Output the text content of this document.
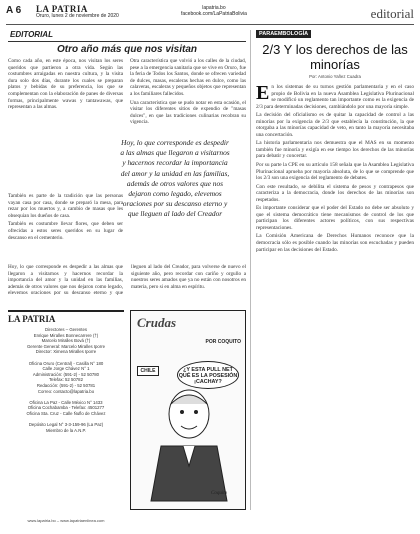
A 6 LA PATRIA
Oruro, lunes 2 de noviembre de 2020
lapatria.bo
facebook.com/LaPatriaBolivia	editorial
EDITORIAL
Otro año más que nos visitan

Como cada año, en este época, nos visitan los seres queridos que partieron a otra vida. Según las costumbres arraigadas en nuestra cultura, y la visita dura solo dos días, durante los cuales se preparan platos y bebidas de su preferencia, los que se complementan con la elaboración de panes de diversas formas, principalmente wawas y tantawawas, que representan a las almas.

Otra característica que volvió a los calles de la ciudad, pese a la emergencia sanitaria que se vive en Oruro, fue la feria de Todos los Santos, donde se ofrecen variedad de dulces, masas, escaleras hechas en dulce, como las calaveras, escaleras y pequeños objetos que representan a los familiares fallecidos.

Una característica que se pudo notar en esta ocasión, el visitar los diferentes sitios de expendio de "masas dulces", en que las tradiciones culinarias recobran su vigencia.

También es parte de la tradición que las personas vayan casa por casa, donde se preparó la mesa, para rezar por los muertos y, a cambio de masas que les obsequian los dueños de casa.

También es costumbre llevar flores, que deben ser ofrecidas a estos seres queridos en su lugar de descanso en el cementerio.

Hoy, lo que corresponde es despedir a las almas que llegaron a visitarnos y hacernos recordar la importancia del amor y la unidad en las familias, además de otros valores que nos dejaron como legado, elevemos oraciones por su descanso eterno y que lleguen al lado del Creador

Hoy, lo que corresponde es despedir a las almas que llegaron a visitarnos y hacernos recordar la importancia del amor y la unidad en las familias, además de otros valores que nos dejaron como legado, elevemos oraciones por su descanso eterno y que lleguen al lado del Creador, para volverse de nuevo el siguiente año, pero recordar con cariño y orgullo a nuestros seres amados que ya no están con nosotros en materia, pero si en alma en espíritu.

LA PATRIA
Directores – Gerentes
Enrique Miralles Bonnecarrere (†)
Marcelo Miralles Bová (†)
Gerente General: Marcelo Miralles Iporre
Director: Ximena Miralles Iporre

Oficina Oruro (Central) - Casilla N° 180
Calle Jorge Chávez N° 1
Administración: (591-2) - 52 50780
Telefax: 52 50782
Redacción: (591-2) - 52 50781
Correo: contacto@lapatria.bo

Oficina La Paz - Calle México N° 1433
Oficina Cochabamba - Telefax: 4501277
Oficina Sta. Cruz - Calle Ñuflo de Chávez

Depósito Legal N° 3-3-159-96 (La Paz)
Miembro de la A.N.P.
www.lapatria.bo – www.lapatriaenlinea.com
Crudas
POR COQUITO
CHILE	¿Y ESTA PULL NET QUÉ ES LA POSESIÓN ¡CACHAY?
Coquito
PARAEMBOLOGÍA
2/3 Y los derechos de las minorías
Por: Antonio Yañez Cuadra

En los sistemas de su turnos gestión parlamentaria y en el caso propio de Bolivia en la nueva Asamblea Legislativa Plurinacional se modificó un reglamento tan importante como es la exigencia de 2/3 para determinadas decisiones, cambiándolo por una mayoría simple.

La decisión del oficialismo es de quitar la capacidad de control a las minorías por la exigencia de 2/3 que establecía la constitución, la que otorgaba a las minorías capacidad de veto, en tanto la mayoría necesitaba una concertación.

La historia parlamentaria nos demuestra que el MAS en su momento también fue minoría y exigía en ese tiempo los derechos de las minorías para debatir y concertar.

Por su parte la CPE en su artículo 158 señala que la Asamblea Legislativa Plurinacional aprueba por mayoría absoluta, de lo que se comprende que los 2/3 son una exigencia del reglamento de debates.

Con este resultado, se debilita el sistema de pesos y contrapesos que caracteriza a la democracia, donde los derechos de las minorías son respetados.

Es importante considerar que el poder del Estado no debe ser absoluto y que el sistema democrático tiene mecanismos de control de los que participan los diferentes actores políticos, con sus respectivas representaciones.

La Comisión Americana de Derechos Humanos reconoce que la democracia sólo es posible cuando las minorías son escuchadas y pueden participar en las decisiones del Estado.
